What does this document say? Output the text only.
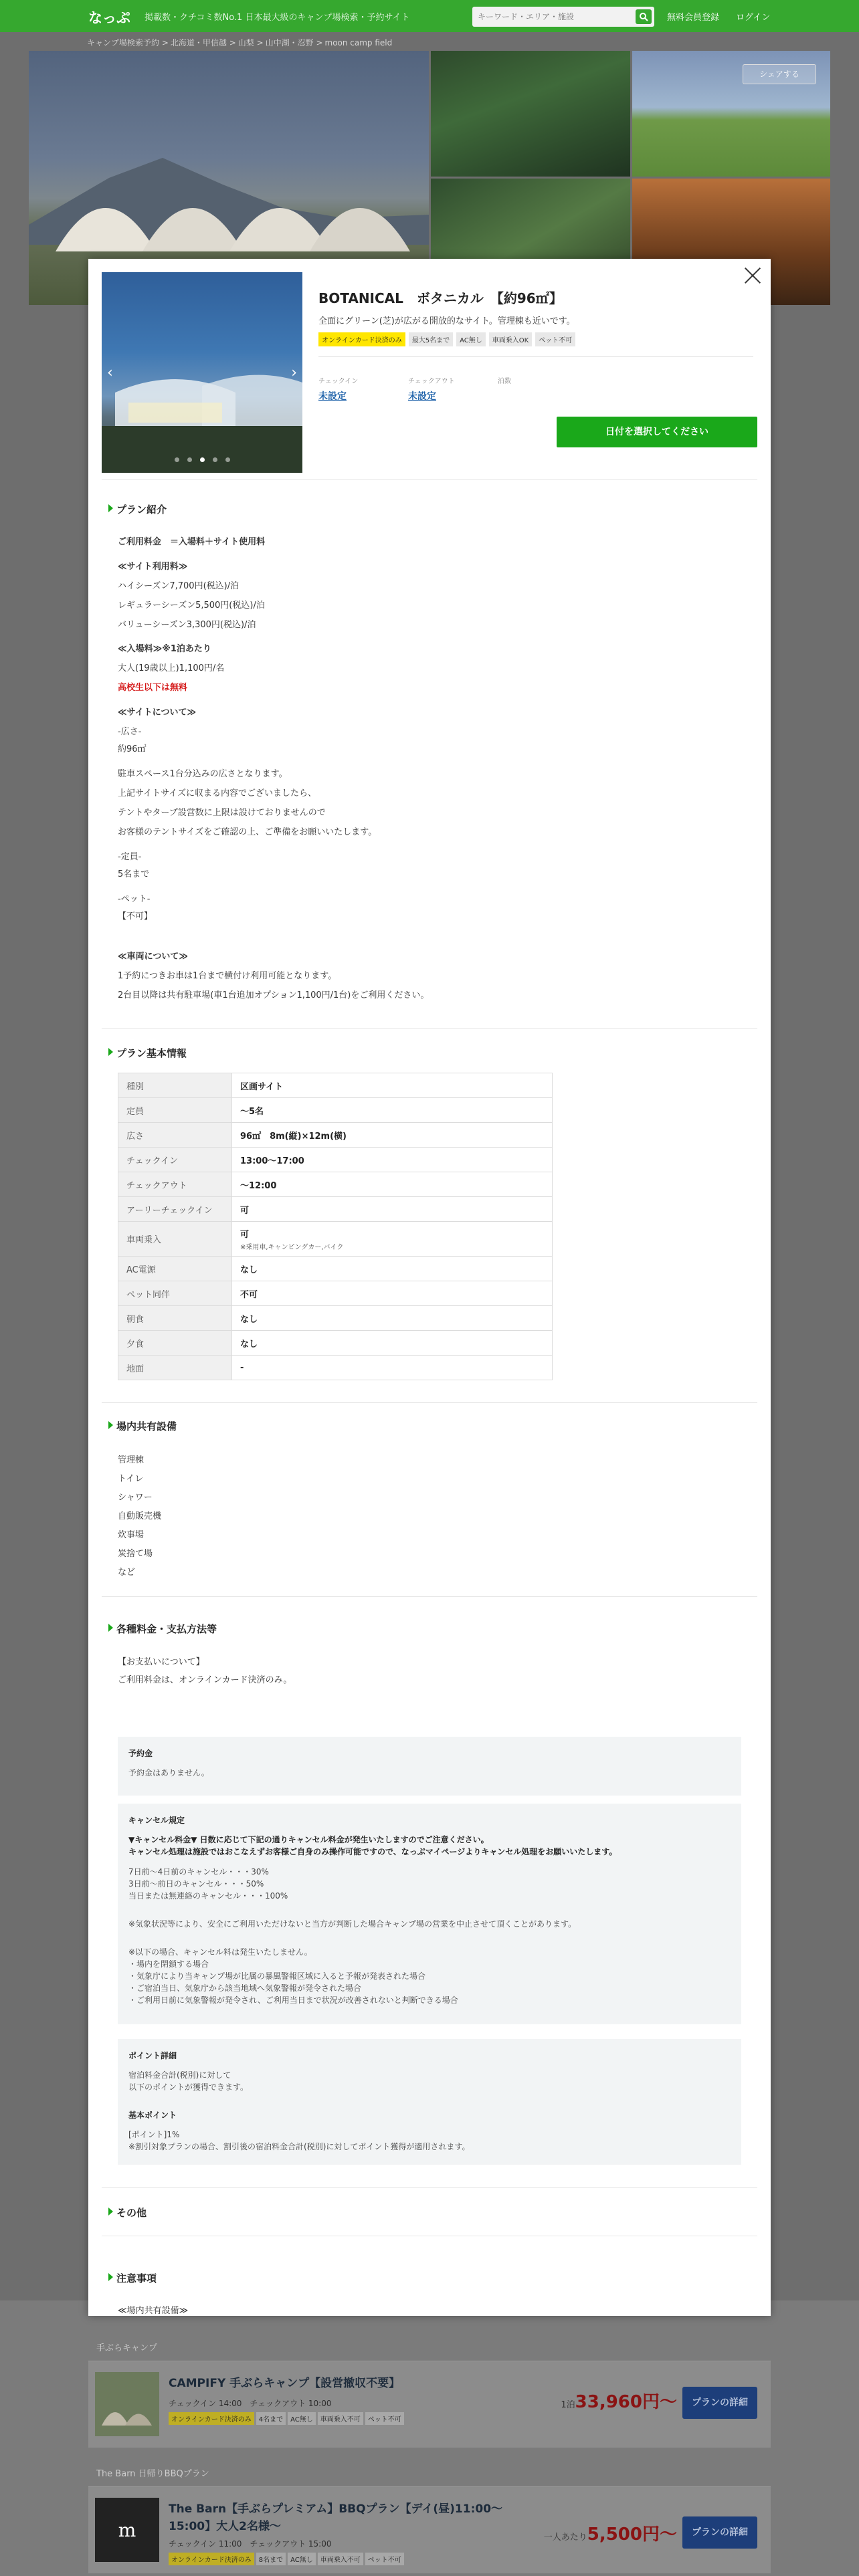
なっぷ 掲載数・クチコミ数No.1 日本最大級のキャンプ場検索・予約サイト
キーワード・エリア・施設	無料会員登録 ログイン
キャンプ場検索予約 > 北海道・甲信越 > 山梨 > 山中湖・忍野 > moon camp field
シェアする
手ぶらキャンプ
CAMPIFY 手ぶらキャンプ【設営撤収不要】
チェックイン 14:00　チェックアウト 10:00
オンラインカード決済のみ 4名まで AC無し 車両乗入不可 ペット不可
1泊33,960円〜	プランの詳細
The Barn 日帰りBBQプラン
m
The Barn【手ぶらプレミアム】BBQプラン【デイ(昼)11:00〜15:00】大人2名様〜
チェックイン 11:00　チェックアウト 15:00
オンラインカード決済のみ 8名まで AC無し 車両乗入不可 ペット不可
一人あたり5,500円〜	プランの詳細
‹	›
BOTANICAL　ボタニカル　【約96㎡】
全面にグリーン(芝)が広がる開放的なサイト。管理棟も近いです。
オンラインカード決済のみ 最大5名まで AC無し 車両乗入OK ペット不可
チェックイン
未設定
チェックアウト
未設定
泊数
日付を選択してください
プラン紹介
ご利用料金　＝入場料＋サイト使用料
≪サイト利用料≫
ハイシーズン7,700円(税込)/泊
レギュラーシーズン5,500円(税込)/泊
バリューシーズン3,300円(税込)/泊
≪入場料≫※1泊あたり
大人(19歳以上)1,100円/名
高校生以下は無料
≪サイトについて≫
-広さ-
約96㎡
駐車スペース1台分込みの広さとなります。
上記サイトサイズに収まる内容でございましたら、
テントやタープ設営数に上限は設けておりませんので
お客様のテントサイズをご確認の上、ご準備をお願いいたします。
-定員-
5名まで
-ペット-
【不可】
≪車両について≫
1予約につきお車は1台まで横付け利用可能となります。
2台目以降は共有駐車場(車1台追加オプション1,100円/1台)をご利用ください。
プラン基本情報
種別	区画サイト
定員	〜5名
広さ	96㎡　8m(縦)×12m(横)
チェックイン	13:00〜17:00
チェックアウト	〜12:00
アーリーチェックイン	可
車両乗入	可
※乗用車,キャンピングカー,バイク

AC電源	なし
ペット同伴	不可
朝食	なし
夕食	なし
地面	-
場内共有設備
管理棟
トイレ
シャワー
自動販売機
炊事場
炭捨て場
など
各種料金・支払方法等
【お支払いについて】
ご利用料金は、オンラインカード決済のみ。
予約金
予約金はありません。
キャンセル規定
▼キャンセル料金▼ 日数に応じて下記の通りキャンセル料金が発生いたしますのでご注意ください。
キャンセル処理は施設ではおこなえずお客様ご自身のみ操作可能ですので、なっぷマイページよりキャンセル処理をお願いいたします。
7日前〜4日前のキャンセル・・・30%
3日前〜前日のキャンセル・・・50%
当日または無連絡のキャンセル・・・100%
※気象状況等により、安全にご利用いただけないと当方が判断した場合キャンプ場の営業を中止させて頂くことがあります。
※以下の場合、キャンセル料は発生いたしません。
・場内を閉鎖する場合
・気象庁により当キャンプ場が比属の暴風警報区域に入ると予報が発表された場合
・ご宿泊当日、気象庁から該当地域へ気象警報が発令された場合
・ご利用日前に気象警報が発令され、ご利用当日まで状況が改善されないと判断できる場合
ポイント詳細
宿泊料金合計(税別)に対して
以下のポイントが獲得できます。
基本ポイント
[ポイント]1%
※割引対象プランの場合、割引後の宿泊料金合計(税別)に対してポイント獲得が適用されます。
その他
注意事項
≪場内共有設備≫
